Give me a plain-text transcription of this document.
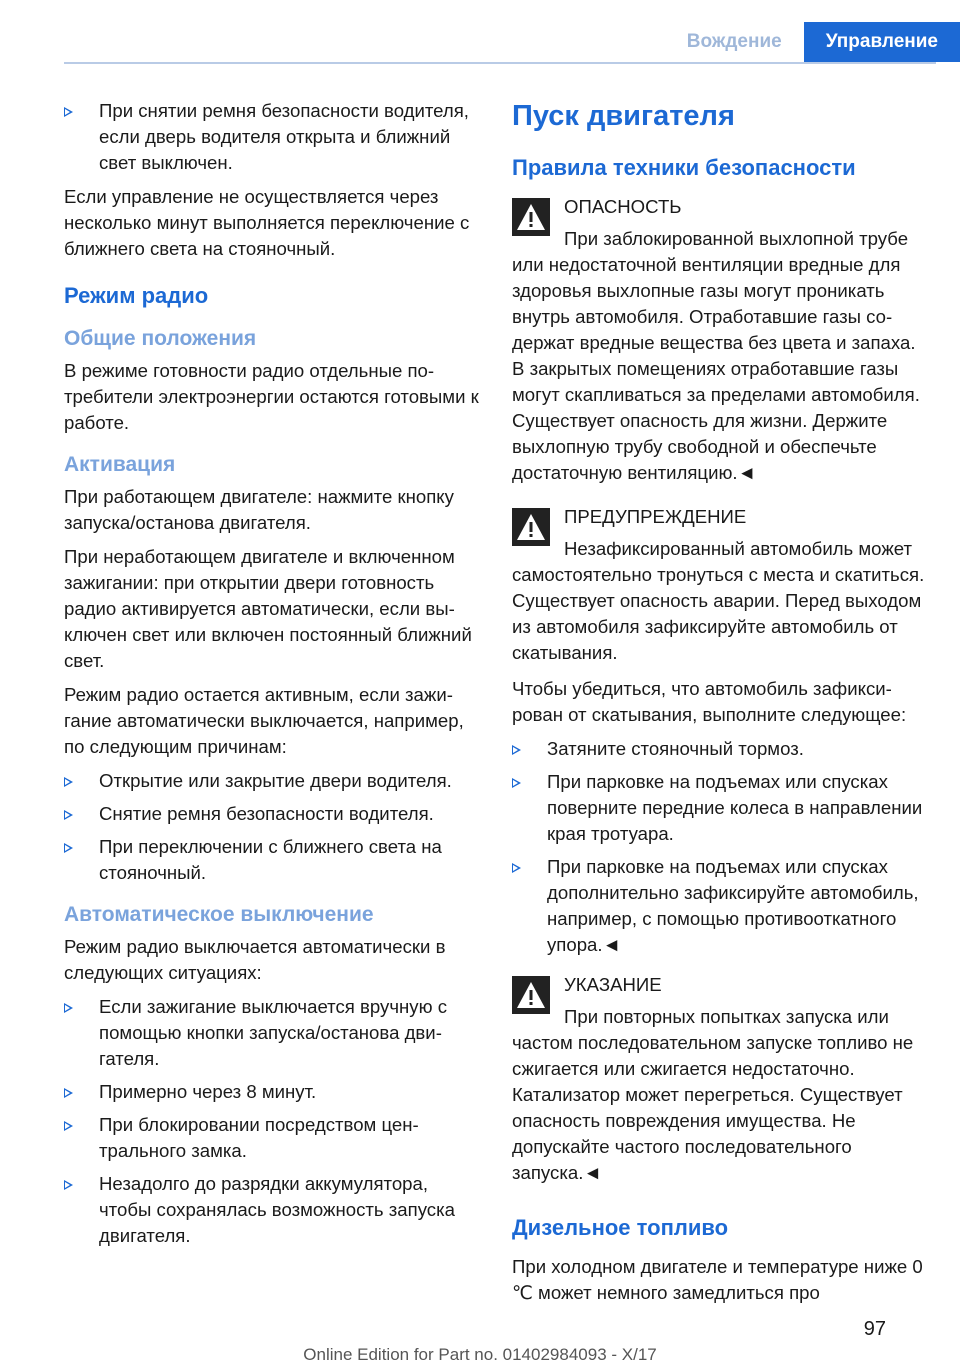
Вождение	Управление
При снятии ремня безопасности водителя, если дверь водителя открыта и ближний свет выключен.

Если управление не осуществляется через несколько минут выполняется переключение с ближнего света на стояночный.

Режим радио
Общие положения

В режиме готовности радио отдельные потребители электроэнергии остаются готовыми к работе.

Активация

При работающем двигателе: нажмите кнопку запуска/останова двигателя.

При неработающем двигателе и включенном зажигании: при открытии двери готовность радио активируется автоматически, если выключен свет или включен постоянный ближний свет.

Режим радио остается активным, если зажигание автоматически выключается, например, по следующим причинам:

Открытие или закрытие двери водителя.
Снятие ремня безопасности водителя.
При переключении с ближнего света на стояночный.
Автоматическое выключение

Режим радио выключается автоматически в следующих ситуациях:

Если зажигание выключается вручную с помощью кнопки запуска/останова двигателя.
Примерно через 8 минут.
При блокировании посредством центрального замка.
Незадолго до разрядки аккумулятора, чтобы сохранялась возможность запуска двигателя.
Пуск двигателя
Правила техники безопасности
ОПАСНОСТЬ

При заблокированной выхлопной трубе или недостаточной вентиляции вредные для здоровья выхлопные газы могут проникать внутрь автомобиля. Отработавшие газы содержат вредные вещества без цвета и запаха. В закрытых помещениях отработавшие газы могут скапливаться за пределами автомобиля. Существует опасность для жизни. Держите выхлопную трубу свободной и обеспечьте достаточную вентиляцию.◄

ПРЕДУПРЕЖДЕНИЕ

Незафиксированный автомобиль может самостоятельно тронуться с места и скатиться. Существует опасность аварии. Перед выходом из автомобиля зафиксируйте автомобиль от скатывания.

Чтобы убедиться, что автомобиль зафиксирован от скатывания, выполните следующее:

Затяните стояночный тормоз.
При парковке на подъемах или спусках поверните передние колеса в направлении края тротуара.
При парковке на подъемах или спусках дополнительно зафиксируйте автомобиль, например, с помощью противооткатного упора.◄
УКАЗАНИЕ

При повторных попытках запуска или частом последовательном запуске топливо не сжигается или сжигается недостаточно. Катализатор может перегреться. Существует опасность повреждения имущества. Не допускайте частого последовательного запуска.◄

Дизельное топливо

При холодном двигателе и температуре ниже 0 ℃ может немного замедлиться про

97
Online Edition for Part no. 01402984093 - X/17
